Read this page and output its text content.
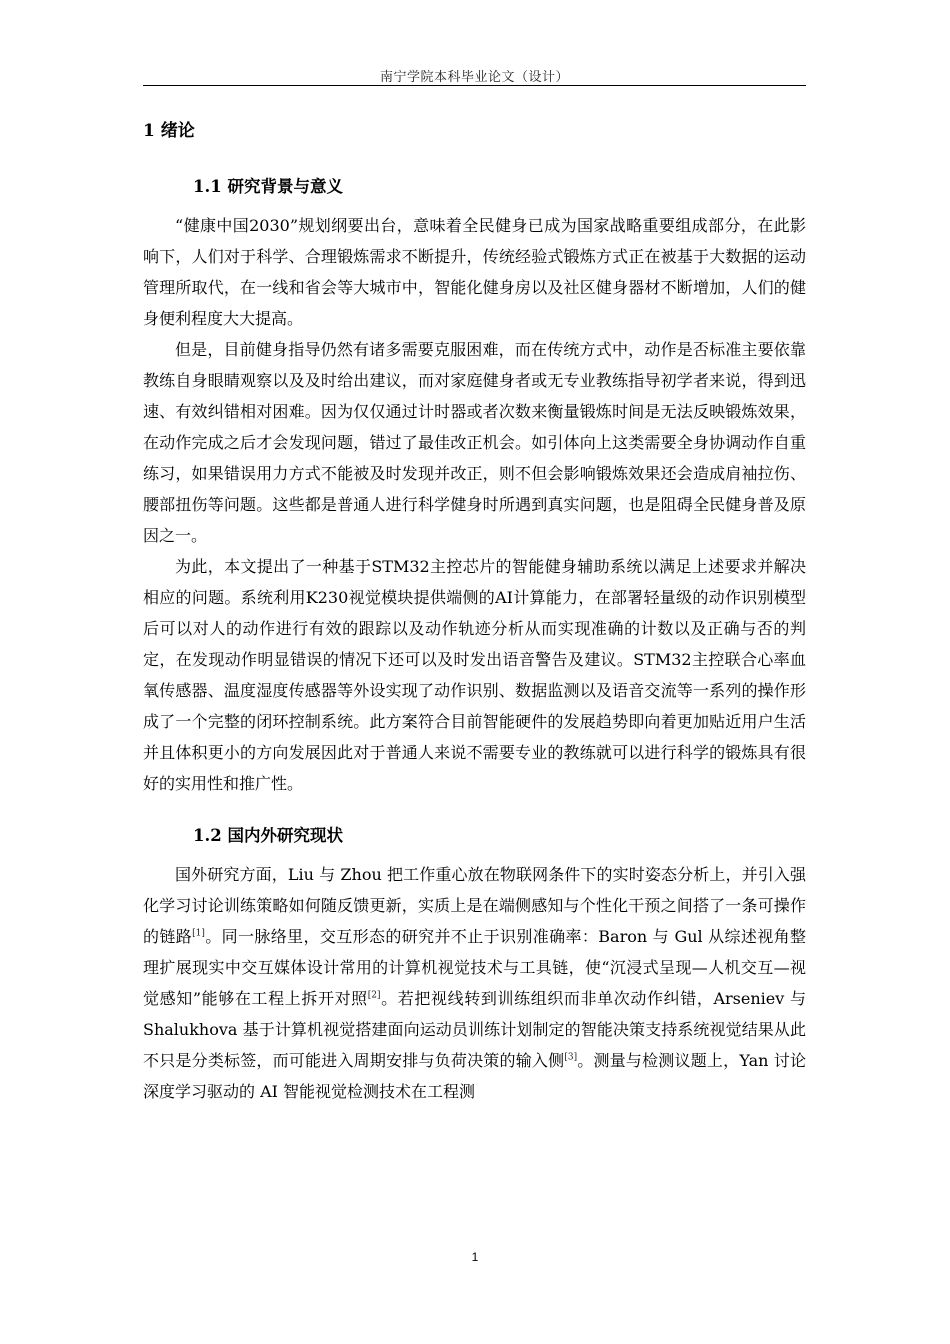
南宁学院本科毕业论文（设计）
1 绪论
1.1 研究背景与意义

“健康中国2030”规划纲要出台，意味着全民健身已成为国家战略重要组成部分，在此影响下，人们对于科学、合理锻炼需求不断提升，传统经验式锻炼方式正在被基于大数据的运动管理所取代，在一线和省会等大城市中，智能化健身房以及社区健身器材不断增加，人们的健身便利程度大大提高。

但是，目前健身指导仍然有诸多需要克服困难，而在传统方式中，动作是否标准主要依靠教练自身眼睛观察以及及时给出建议，而对家庭健身者或无专业教练指导初学者来说，得到迅速、有效纠错相对困难。因为仅仅通过计时器或者次数来衡量锻炼时间是无法反映锻炼效果，在动作完成之后才会发现问题，错过了最佳改正机会。如引体向上这类需要全身协调动作自重练习，如果错误用力方式不能被及时发现并改正，则不但会影响锻炼效果还会造成肩袖拉伤、腰部扭伤等问题。这些都是普通人进行科学健身时所遇到真实问题，也是阻碍全民健身普及原因之一。

为此，本文提出了一种基于STM32主控芯片的智能健身辅助系统以满足上述要求并解决相应的问题。系统利用K230视觉模块提供端侧的AI计算能力，在部署轻量级的动作识别模型后可以对人的动作进行有效的跟踪以及动作轨迹分析从而实现准确的计数以及正确与否的判定，在发现动作明显错误的情况下还可以及时发出语音警告及建议。STM32主控联合心率血氧传感器、温度湿度传感器等外设实现了动作识别、数据监测以及语音交流等一系列的操作形成了一个完整的闭环控制系统。此方案符合目前智能硬件的发展趋势即向着更加贴近用户生活并且体积更小的方向发展因此对于普通人来说不需要专业的教练就可以进行科学的锻炼具有很好的实用性和推广性。

1.2 国内外研究现状

国外研究方面，Liu 与 Zhou 把工作重心放在物联网条件下的实时姿态分析上，并引入强化学习讨论训练策略如何随反馈更新，实质上是在端侧感知与个性化干预之间搭了一条可操作的链路[1]。同一脉络里，交互形态的研究并不止于识别准确率：Baron 与 Gul 从综述视角整理扩展现实中交互媒体设计常用的计算机视觉技术与工具链，使“沉浸式呈现—人机交互—视觉感知”能够在工程上拆开对照[2]。若把视线转到训练组织而非单次动作纠错，Arseniev 与 Shalukhova 基于计算机视觉搭建面向运动员训练计划制定的智能决策支持系统视觉结果从此不只是分类标签，而可能进入周期安排与负荷决策的输入侧[3]。测量与检测议题上，Yan 讨论深度学习驱动的 AI 智能视觉检测技术在工程测

1
